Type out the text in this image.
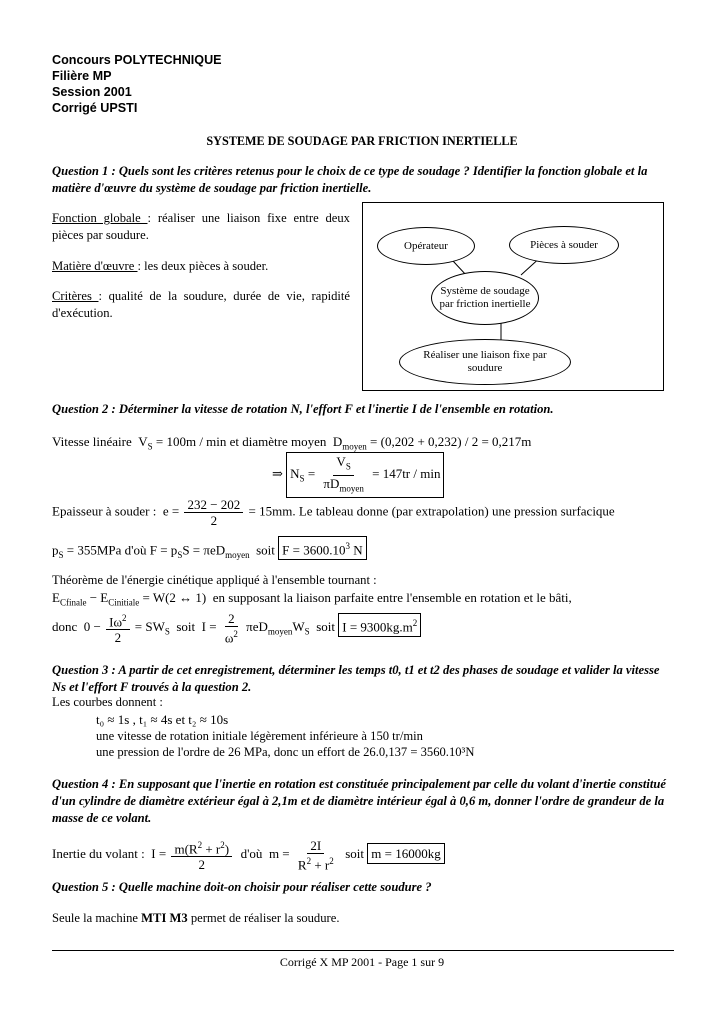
Concours POLYTECHNIQUE
Filière MP
Session 2001
Corrigé UPSTI
SYSTEME DE SOUDAGE PAR FRICTION INERTIELLE
Question 1 : Quels sont les critères retenus pour le choix de ce type de soudage ? Identifier la fonction globale et la matière d'œuvre du système de soudage par friction inertielle.
Fonction globale : réaliser une liaison fixe entre deux pièces par soudure.
Matière d'œuvre : les deux pièces à souder.
Critères : qualité de la soudure, durée de vie, rapidité d'exécution.
Opérateur	Pièces à souder
Système de soudage par friction inertielle
Réaliser une liaison fixe par soudure
Question 2 : Déterminer la vitesse de rotation N, l'effort F et l'inertie I de l'ensemble en rotation.
Vitesse linéaire  $V_S = 100m / \min$ et diamètre moyen  $D_{moyen} = (0,202 + 0,232) / 2 = 0,217m$
⇒ $N_S = \frac{V_S}{\pi D_{moyen}} = 147tr / \min$
Epaisseur à souder :  $e = \frac{232 - 202}{2} = 15mm$. Le tableau donne (par extrapolation) une pression surfacique
$p_S = 355MPa$ d'où $F = p_SS = \pi eD_{moyen}$ soit $F = 3600.10^3$ N
Théorème de l'énergie cinétique appliqué à l'ensemble tournant :
$E_{Cfinale} - E_{Cinitiale} = W(2$ ↔ 1)  en supposant la liaison parfaite entre l'ensemble en rotation et le bâti,
donc  $0 - \frac{I\omega^2}{2} = SW_S$ soit  $I = \frac{2}{\omega^2} \pi eD_{moyen}W_S$ soit $I = 9300kg.m^2$
Question 3 : A partir de cet enregistrement, déterminer les temps t0, t1 et t2 des phases de soudage et valider la vitesse Ns et l'effort F trouvés à la question 2.
Les courbes donnent :
t₀ ≈ 1s , t₁ ≈ 4s et t₂ ≈ 10s
une vitesse de rotation initiale légèrement inférieure à 150 tr/min
une pression de l'ordre de 26 MPa, donc un effort de 26.0,137 = 3560.10³N
Question 4 : En supposant que l'inertie en rotation est constituée principalement par celle du volant d'inertie constitué d'un cylindre de diamètre extérieur égal à 2,1m et de diamètre intérieur égal à 0,6 m, donner l'ordre de grandeur de la masse de ce volant.
Inertie du volant :  $I = \frac{m(R^2 + r^2)}{2}$ d'où  $m = \frac{2I}{R^2 + r^2}$ soit m = 16000kg
Question 5 : Quelle machine doit-on choisir pour réaliser cette soudure ?
Seule la machine MTI M3 permet de réaliser la soudure.
Corrigé X MP 2001 - Page 1 sur 9
